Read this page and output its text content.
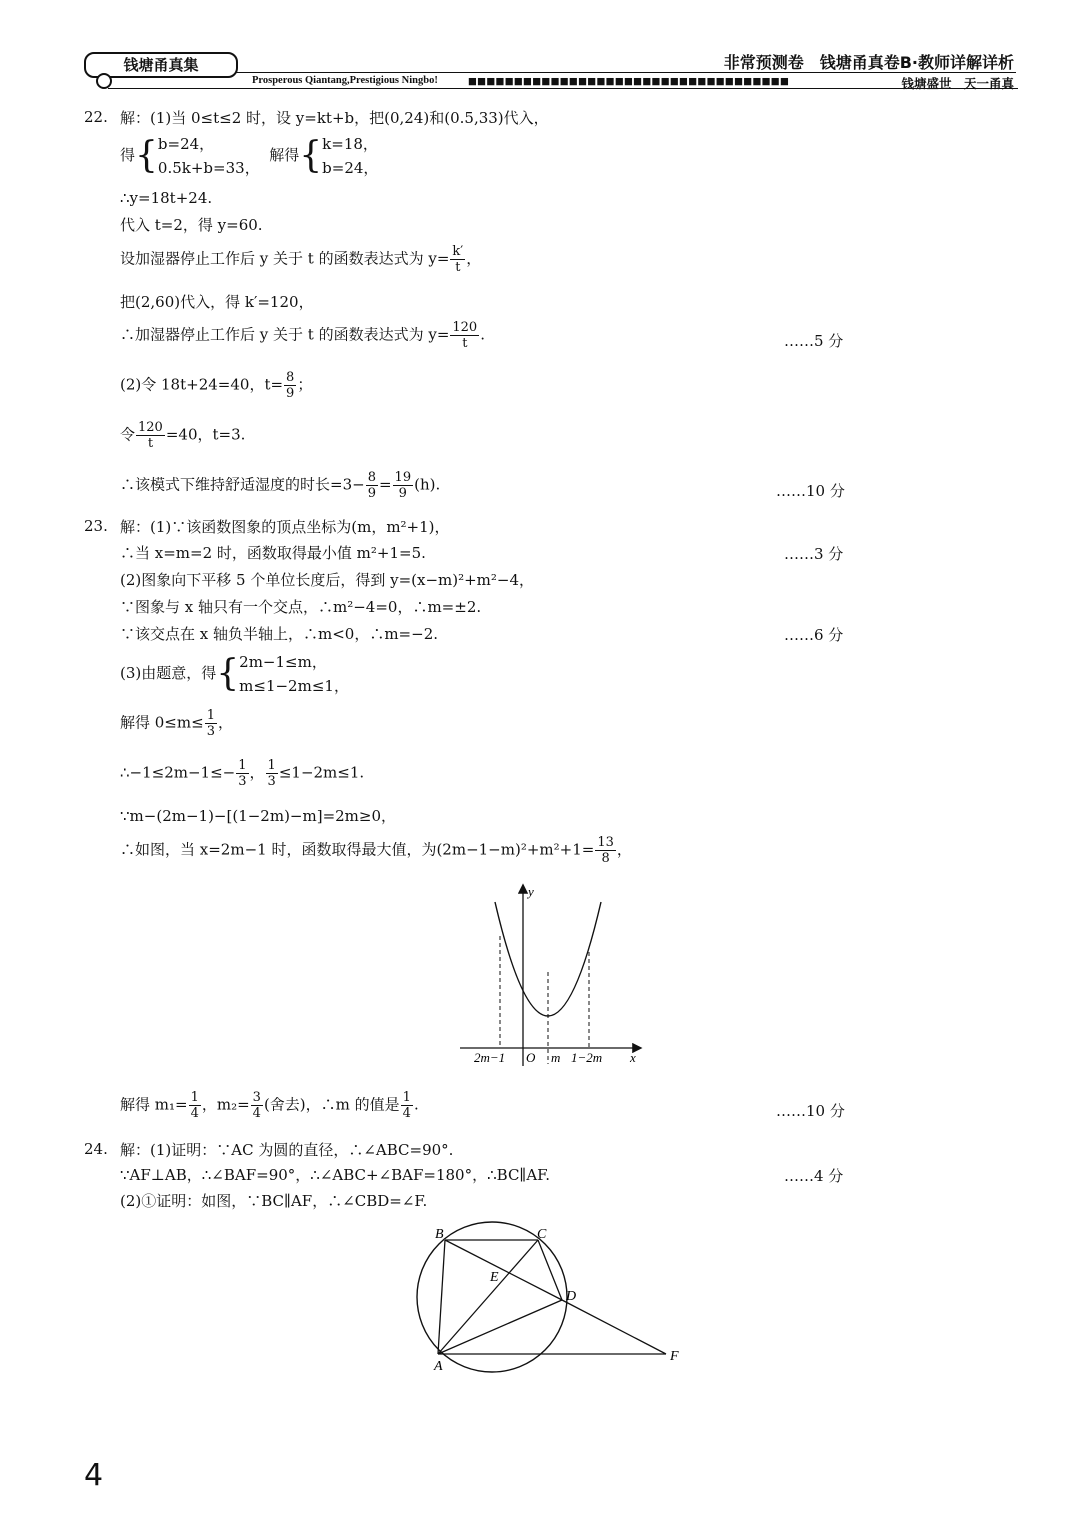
钱塘甬真集	非常预测卷　钱塘甬真卷B·教师详解详析
Prosperous Qiantang,Prestigious Ningbo!	■■■■■■■■■■■■■■■■■■■■■■■■■■■■■■■■■■■	钱塘盛世　天一甬真
22. 解：(1)当 0≤t≤2 时，设 y=kt+b，把(0,24)和(0.5,33)代入，
得{b=24，
0.5k+b=33，  解得{k=18，
b=24，
∴y=18t+24.
代入 t=2，得 y=60.
设加湿器停止工作后 y 关于 t 的函数表达式为 $y= \frac{k'}{t}$ ，
把(2,60)代入，得 k′=120，
∴加湿器停止工作后 y 关于 t 的函数表达式为 $y= \frac{120}{t}$ .	……5 分
(2)令 18t+24=40，$t= \frac{8}{9}$ ；
令 $\frac{120}{t} =40$，t=3.
∴该模式下维持舒适湿度的时长$=3- \frac{8}{9} = \frac{19}{9} (h)$.	……10 分
23. 解：(1)∵该函数图象的顶点坐标为(m，m²+1)，
∴当 x=m=2 时，函数取得最小值 m²+1=5.	……3 分
(2)图象向下平移 5 个单位长度后，得到 y=(x−m)²+m²−4，
∵图象与 x 轴只有一个交点，∴m²−4=0，∴m=±2.
∵该交点在 x 轴负半轴上，∴m<0，∴m=−2.	……6 分
(3)由题意，得{2m−1≤m，
m≤1−2m≤1，
解得 $0\le m\le \frac{1}{3}$ ，
∴−1≤2m−1≤− $\frac{1}{3}$ ， $\frac{1}{3} \le 1-2m\le 1$.
∵m−(2m−1)−[(1−2m)−m]=2m≥0，
∴如图，当 x=2m−1 时，函数取得最大值，为$(2m-1-m)^2+m^2+1= \frac{13}{8}$ ，
y
x
O
2m−1	m 1−2m
解得 $m_1= \frac{1}{4}$ ，$m_2= \frac{3}{4}$ (舍去)，∴m 的值是 $\frac{1}{4}$ .	……10 分
24. 解：(1)证明：∵AC 为圆的直径，∴∠ABC=90°.
∵AF⊥AB，∴∠BAF=90°，∴∠ABC+∠BAF=180°，∴BC∥AF.	……4 分
(2)①证明：如图，∵BC∥AF，∴∠CBD=∠F.
B	C
E
D
A
F
4
